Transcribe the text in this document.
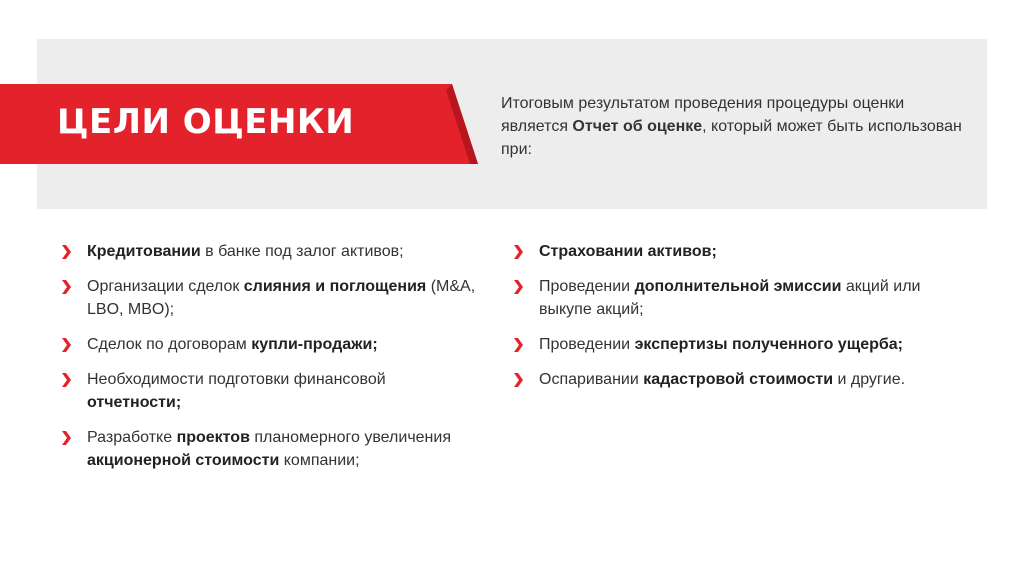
ЦЕЛИ ОЦЕНКИ	Итоговым результатом проведения процедуры оценки является Отчет об оценке, который может быть использован при:

Кредитовании в банке под залог активов;
Организации сделок слияния и поглощения (M&A, LBO, MBO);
Сделок по договорам купли-продажи;
Необходимости подготовки финансовой отчетности;
Разработке проектов планомерного увеличения акционерной стоимости компании;
Страховании активов;
Проведении дополнительной эмиссии акций или выкупе акций;
Проведении экспертизы полученного ущерба;
Оспаривании кадастровой стоимости и другие.
